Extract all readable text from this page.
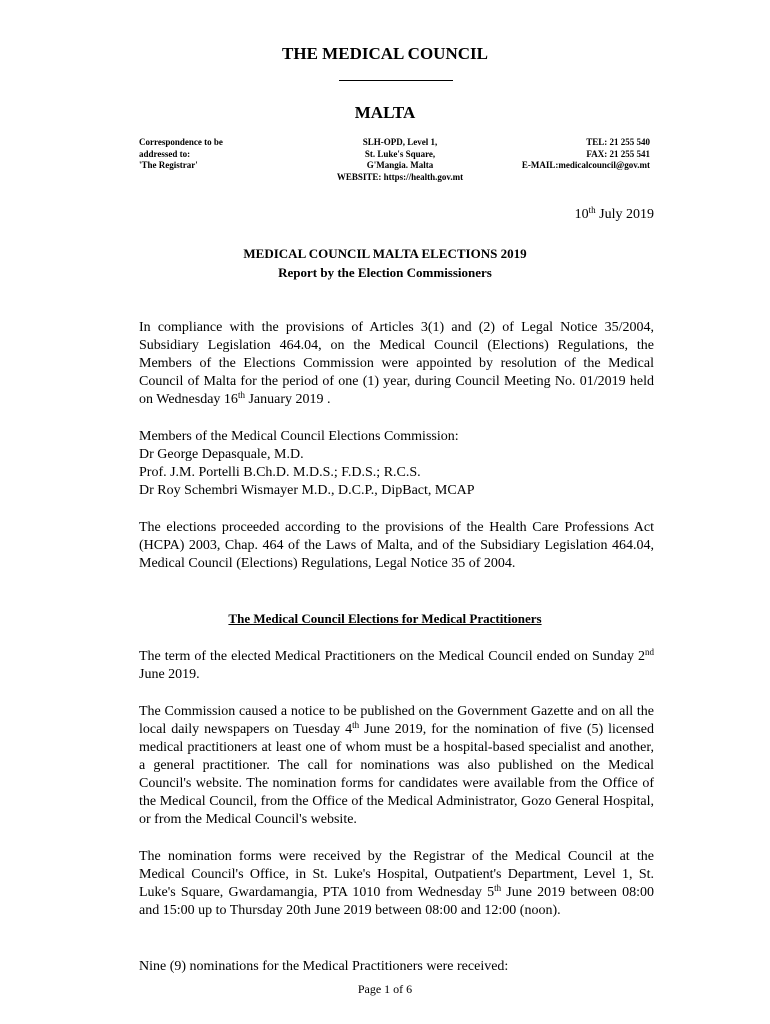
THE MEDICAL COUNCIL
MALTA
Correspondence to be
addressed to:
'The Registrar'
SLH-OPD, Level 1,
St. Luke's Square,
G'Mangia. Malta
WEBSITE: https://health.gov.mt
TEL: 21 255 540
FAX: 21 255 541
E-MAIL:medicalcouncil@gov.mt
10th July 2019
MEDICAL COUNCIL MALTA ELECTIONS 2019
Report by the Election Commissioners
In compliance with the provisions of Articles 3(1) and (2) of Legal Notice 35/2004, Subsidiary Legislation 464.04, on the Medical Council (Elections) Regulations, the Members of the Elections Commission were appointed by resolution of the Medical Council of Malta for the period of one (1) year, during Council Meeting No. 01/2019 held on Wednesday 16th January 2019 .
Members of the Medical Council Elections Commission:
Dr George Depasquale, M.D.
Prof. J.M. Portelli B.Ch.D. M.D.S.; F.D.S.; R.C.S.
Dr Roy Schembri Wismayer M.D., D.C.P., DipBact, MCAP
The elections proceeded according to the provisions of the Health Care Professions Act (HCPA) 2003, Chap. 464 of the Laws of Malta, and of the Subsidiary Legislation 464.04, Medical Council (Elections) Regulations, Legal Notice 35 of 2004.
The Medical Council Elections for Medical Practitioners
The term of the elected Medical Practitioners on the Medical Council ended on Sunday 2nd June 2019.
The Commission caused a notice to be published on the Government Gazette and on all the local daily newspapers on Tuesday 4th June 2019, for the nomination of five (5) licensed medical practitioners at least one of whom must be a hospital-based specialist and another, a general practitioner. The call for nominations was also published on the Medical Council's website. The nomination forms for candidates were available from the Office of the Medical Council, from the Office of the Medical Administrator, Gozo General Hospital, or from the Medical Council's website.
The nomination forms were received by the Registrar of the Medical Council at the Medical Council's Office, in St. Luke's Hospital, Outpatient's Department, Level 1, St. Luke's Square, Gwardamangia, PTA 1010 from Wednesday 5th June 2019 between 08:00 and 15:00 up to Thursday 20th June 2019 between 08:00 and 12:00 (noon).
Nine (9) nominations for the Medical Practitioners were received:
Page 1 of 6
